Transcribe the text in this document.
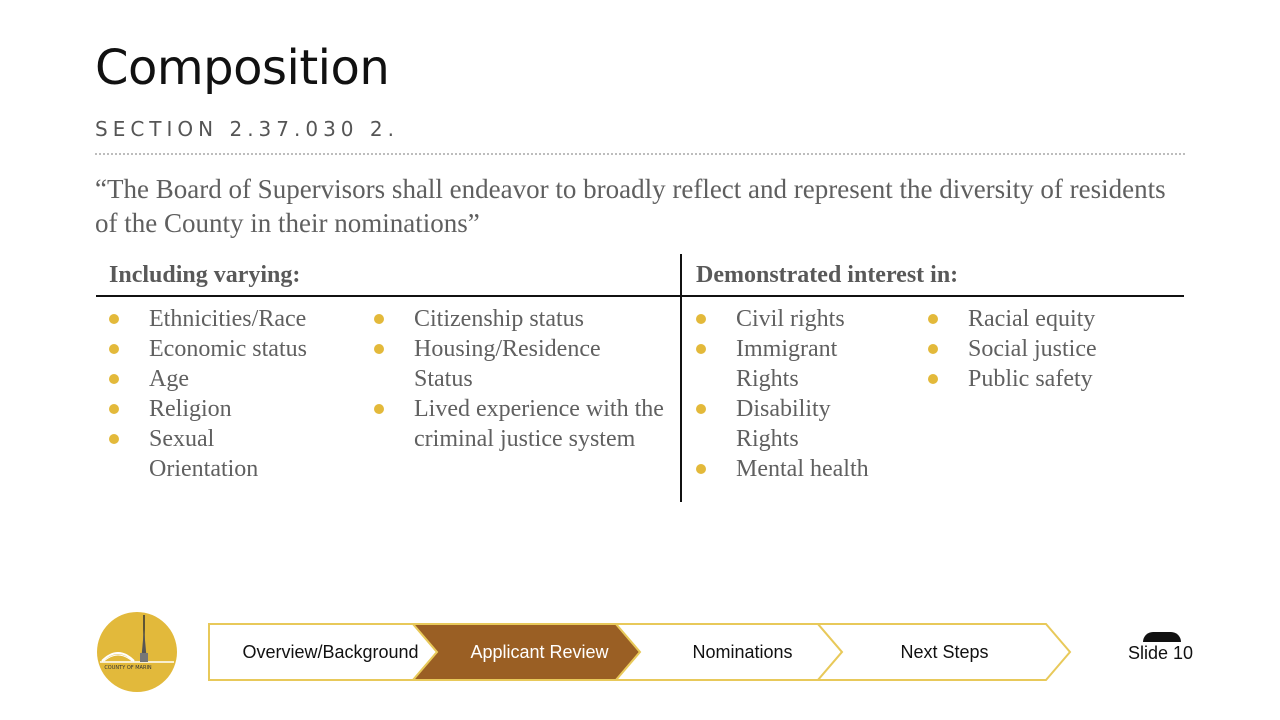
Composition
SECTION 2.37.030 2.
“The Board of Supervisors shall endeavor to broadly reflect and represent the diversity of residents of the County in their nominations”
Including varying:	Demonstrated interest in:
Ethnicities/Race
Economic status
Age
Religion
Sexual Orientation
Citizenship status
Housing/Residence Status
Lived experience with the criminal justice system
Civil rights
Immigrant Rights
Disability Rights
Mental health
Racial equity
Social justice
Public safety
COUNTY OF MARIN
Overview/Background	Applicant Review	Nominations	Next Steps	Slide 10
